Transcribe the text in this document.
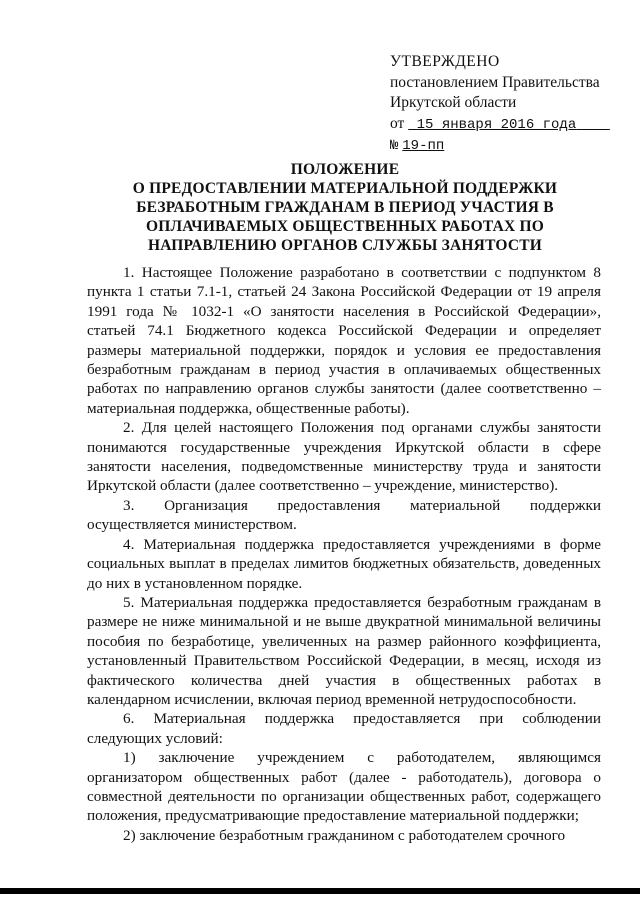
УТВЕРЖДЕНО
постановлением Правительства
Иркутской области
от 15 января 2016 года
№ 19-пп
ПОЛОЖЕНИЕ
О ПРЕДОСТАВЛЕНИИ МАТЕРИАЛЬНОЙ ПОДДЕРЖКИ
БЕЗРАБОТНЫМ ГРАЖДАНАМ В ПЕРИОД УЧАСТИЯ В
ОПЛАЧИВАЕМЫХ ОБЩЕСТВЕННЫХ РАБОТАХ ПО
НАПРАВЛЕНИЮ ОРГАНОВ СЛУЖБЫ ЗАНЯТОСТИ

1. Настоящее Положение разработано в соответствии с подпунктом 8 пункта 1 статьи 7.1-1, статьей 24 Закона Российской Федерации от 19 апреля 1991 года № 1032-1 «О занятости населения в Российской Федерации», статьей 74.1 Бюджетного кодекса Российской Федерации и определяет размеры материальной поддержки, порядок и условия ее предоставления безработным гражданам в период участия в оплачиваемых общественных работах по направлению органов службы занятости (далее соответственно – материальная поддержка, общественные работы).

2. Для целей настоящего Положения под органами службы занятости понимаются государственные учреждения Иркутской области в сфере занятости населения, подведомственные министерству труда и занятости Иркутской области (далее соответственно – учреждение, министерство).

3. Организация предоставления материальной поддержки осуществляется министерством.

4. Материальная поддержка предоставляется учреждениями в форме социальных выплат в пределах лимитов бюджетных обязательств, доведенных до них в установленном порядке.

5. Материальная поддержка предоставляется безработным гражданам в размере не ниже минимальной и не выше двукратной минимальной величины пособия по безработице, увеличенных на размер районного коэффициента, установленный Правительством Российской Федерации, в месяц, исходя из фактического количества дней участия в общественных работах в календарном исчислении, включая период временной нетрудоспособности.

6. Материальная поддержка предоставляется при соблюдении следующих условий:

1) заключение учреждением с работодателем, являющимся организатором общественных работ (далее - работодатель), договора о совместной деятельности по организации общественных работ, содержащего положения, предусматривающие предоставление материальной поддержки;

2) заключение безработным гражданином с работодателем срочного
